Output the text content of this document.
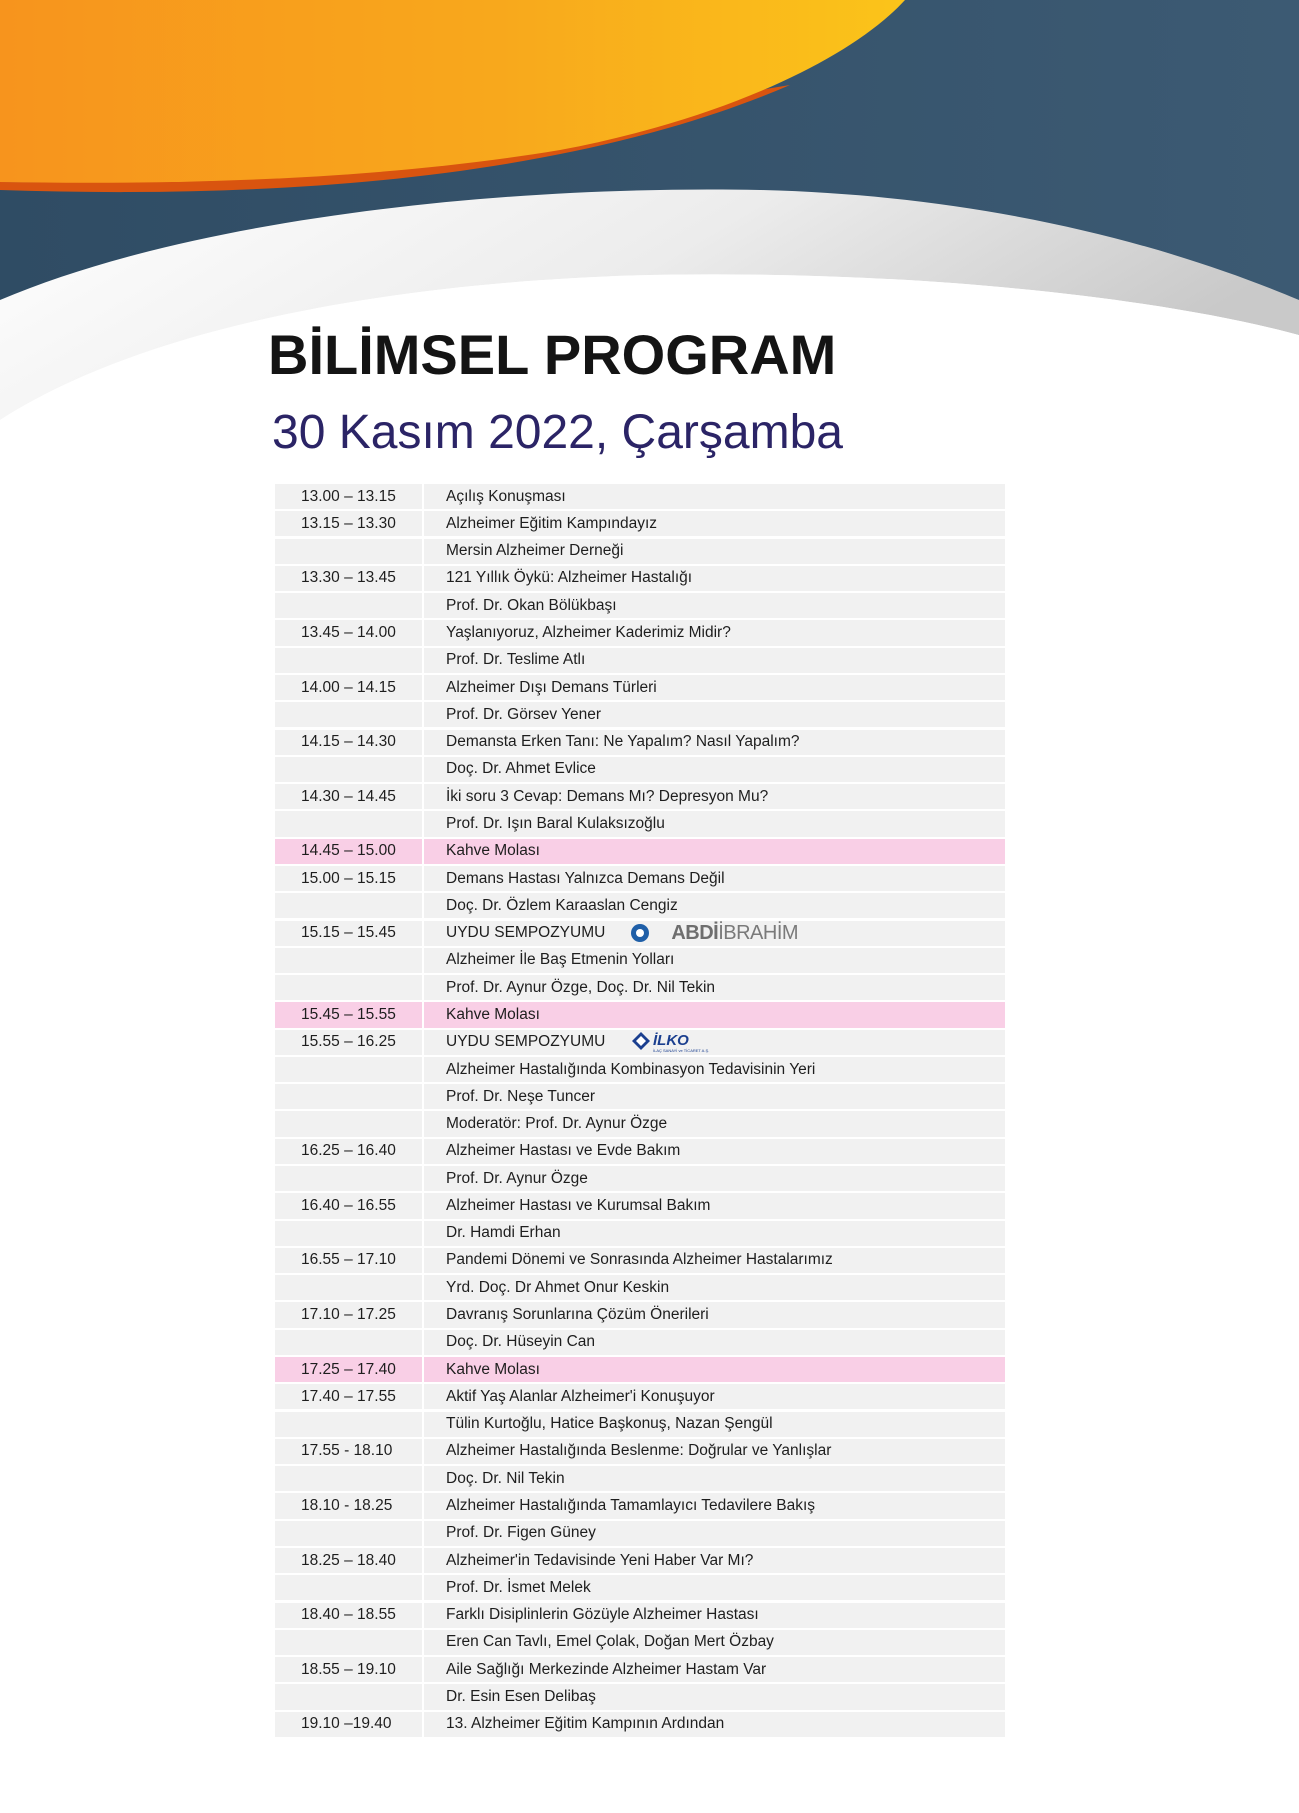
BİLİMSEL PROGRAM
30 Kasım 2022, Çarşamba
13.00 – 13.15	Açılış Konuşması
13.15 – 13.30	Alzheimer Eğitim Kampındayız
Mersin Alzheimer Derneği
13.30 – 13.45	121 Yıllık Öykü: Alzheimer Hastalığı
Prof. Dr. Okan Bölükbaşı
13.45 – 14.00	Yaşlanıyoruz, Alzheimer Kaderimiz Midir?
Prof. Dr. Teslime Atlı
14.00 – 14.15	Alzheimer Dışı Demans Türleri
Prof. Dr. Görsev Yener
14.15 – 14.30	Demansta Erken Tanı: Ne Yapalım? Nasıl Yapalım?
Doç. Dr. Ahmet Evlice
14.30 – 14.45	İki soru 3 Cevap: Demans Mı? Depresyon Mu?
Prof. Dr. Işın Baral Kulaksızoğlu
14.45 – 15.00	Kahve Molası
15.00 – 15.15	Demans Hastası Yalnızca Demans Değil
Doç. Dr. Özlem Karaaslan Cengiz
15.15 – 15.45	UYDU SEMPOZYUMU	ABDİİBRAHİM
Alzheimer İle Baş Etmenin Yolları
Prof. Dr. Aynur Özge, Doç. Dr. Nil Tekin
15.45 – 15.55	Kahve Molası
15.55 – 16.25	UYDU SEMPOZYUMU	İLKO
İLAÇ SANAYİ ve TİCARET A.Ş.
Alzheimer Hastalığında Kombinasyon Tedavisinin Yeri
Prof. Dr. Neşe Tuncer
Moderatör: Prof. Dr. Aynur Özge
16.25 – 16.40	Alzheimer Hastası ve Evde Bakım
Prof. Dr. Aynur Özge
16.40 – 16.55	Alzheimer Hastası ve Kurumsal Bakım
Dr. Hamdi Erhan
16.55 – 17.10	Pandemi Dönemi ve Sonrasında Alzheimer Hastalarımız
Yrd. Doç. Dr Ahmet Onur Keskin
17.10 – 17.25	Davranış Sorunlarına Çözüm Önerileri
Doç. Dr. Hüseyin Can
17.25 – 17.40	Kahve Molası
17.40 – 17.55	Aktif Yaş Alanlar Alzheimer'i Konuşuyor
Tülin Kurtoğlu, Hatice Başkonuş, Nazan Şengül
17.55 - 18.10	Alzheimer Hastalığında Beslenme: Doğrular ve Yanlışlar
Doç. Dr. Nil Tekin
18.10 - 18.25	Alzheimer Hastalığında Tamamlayıcı Tedavilere Bakış
Prof. Dr. Figen Güney
18.25 – 18.40	Alzheimer'in Tedavisinde Yeni Haber Var Mı?
Prof. Dr. İsmet Melek
18.40 – 18.55	Farklı Disiplinlerin Gözüyle Alzheimer Hastası
Eren Can Tavlı, Emel Çolak, Doğan Mert Özbay
18.55 – 19.10	Aile Sağlığı Merkezinde Alzheimer Hastam Var
Dr. Esin Esen Delibaş
19.10 –19.40	13. Alzheimer Eğitim Kampının Ardından
